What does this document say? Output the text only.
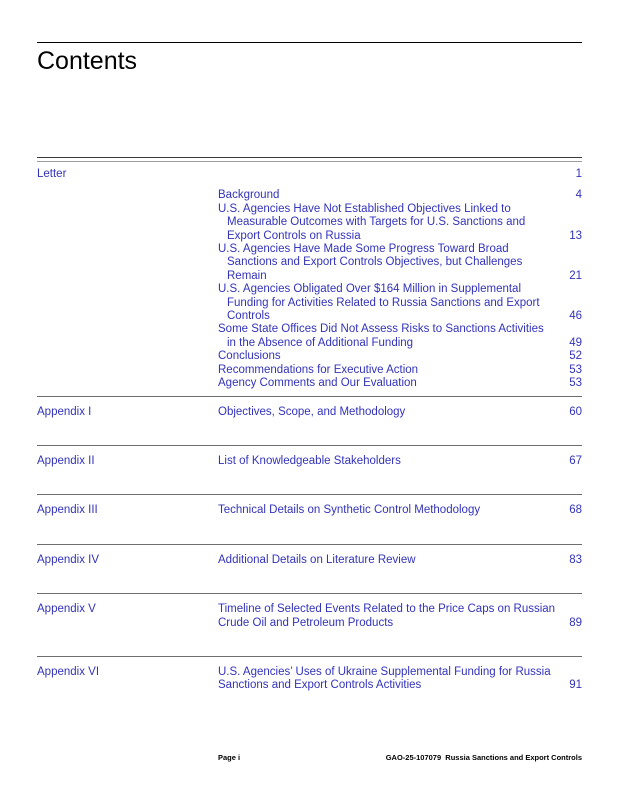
Contents
Letter	1
Background	4
U.S. Agencies Have Not Established Objectives Linked to
Measurable Outcomes with Targets for U.S. Sanctions and
Export Controls on Russia	13
U.S. Agencies Have Made Some Progress Toward Broad
Sanctions and Export Controls Objectives, but Challenges
Remain	21
U.S. Agencies Obligated Over $164 Million in Supplemental
Funding for Activities Related to Russia Sanctions and Export
Controls	46
Some State Offices Did Not Assess Risks to Sanctions Activities
in the Absence of Additional Funding	49
Conclusions	52
Recommendations for Executive Action	53
Agency Comments and Our Evaluation	53
Appendix I	Objectives, Scope, and Methodology	60
Appendix II	List of Knowledgeable Stakeholders	67
Appendix III	Technical Details on Synthetic Control Methodology	68
Appendix IV	Additional Details on Literature Review	83
Appendix V	Timeline of Selected Events Related to the Price Caps on Russian
Crude Oil and Petroleum Products	89
Appendix VI	U.S. Agencies’ Uses of Ukraine Supplemental Funding for Russia
Sanctions and Export Controls Activities	91
Page i	GAO-25-107079  Russia Sanctions and Export Controls
